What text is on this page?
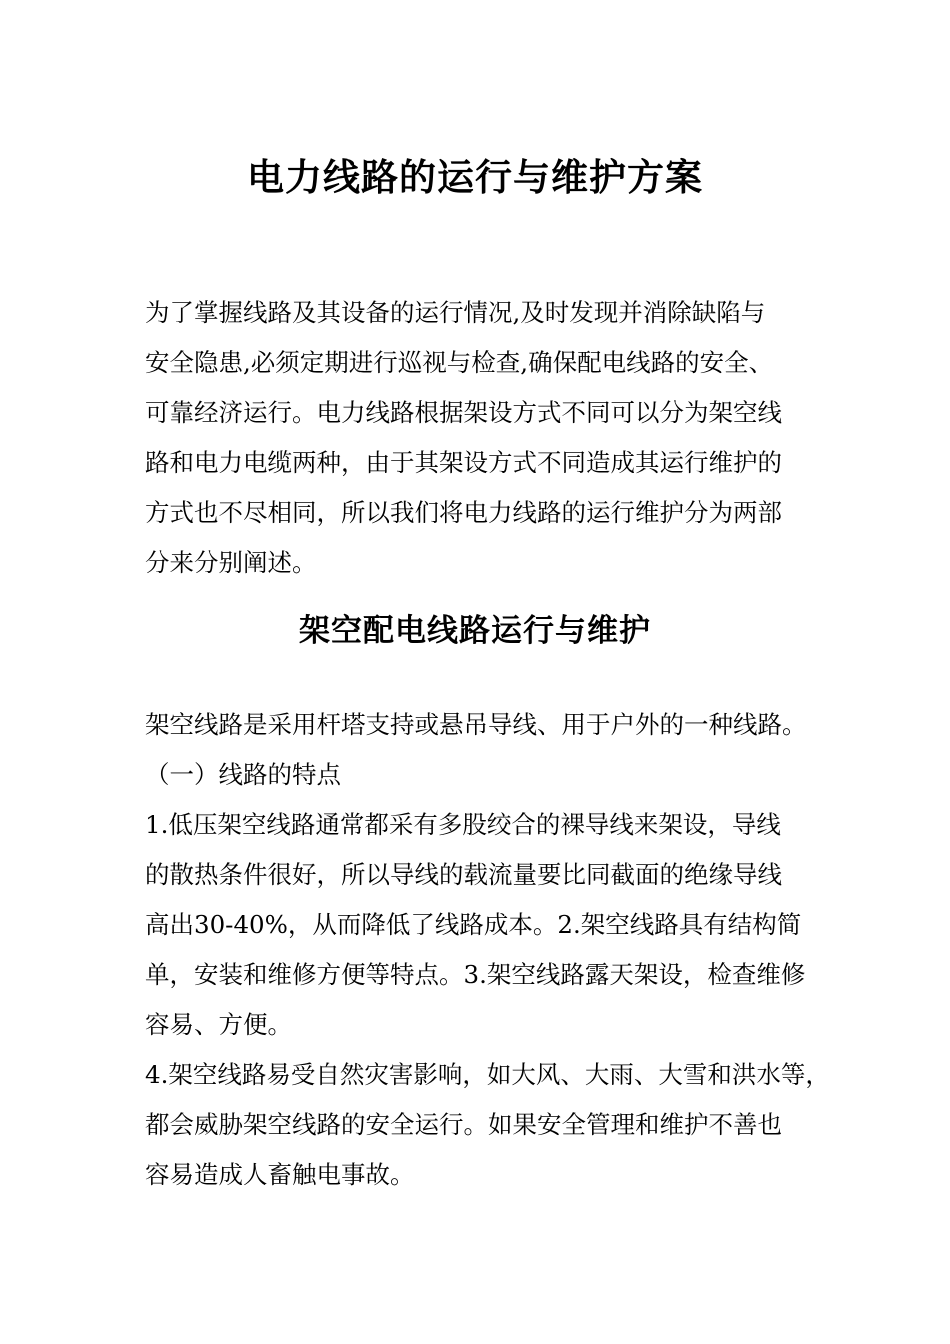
电力线路的运行与维护方案
为了掌握线路及其设备的运行情况,及时发现并消除缺陷与
安全隐患,必须定期进行巡视与检查,确保配电线路的安全、
可靠经济运行。电力线路根据架设方式不同可以分为架空线
路和电力电缆两种，由于其架设方式不同造成其运行维护的
方式也不尽相同，所以我们将电力线路的运行维护分为两部
分来分别阐述。
架空配电线路运行与维护
架空线路是采用杆塔支持或悬吊导线、用于户外的一种线路。
（一）线路的特点
1.低压架空线路通常都采有多股绞合的裸导线来架设，导线
的散热条件很好，所以导线的载流量要比同截面的绝缘导线
高出30-40%，从而降低了线路成本。2.架空线路具有结构简
单，安装和维修方便等特点。3.架空线路露天架设，检查维修
容易、方便。
4.架空线路易受自然灾害影响，如大风、大雨、大雪和洪水等，
都会威胁架空线路的安全运行。如果安全管理和维护不善也
容易造成人畜触电事故。
